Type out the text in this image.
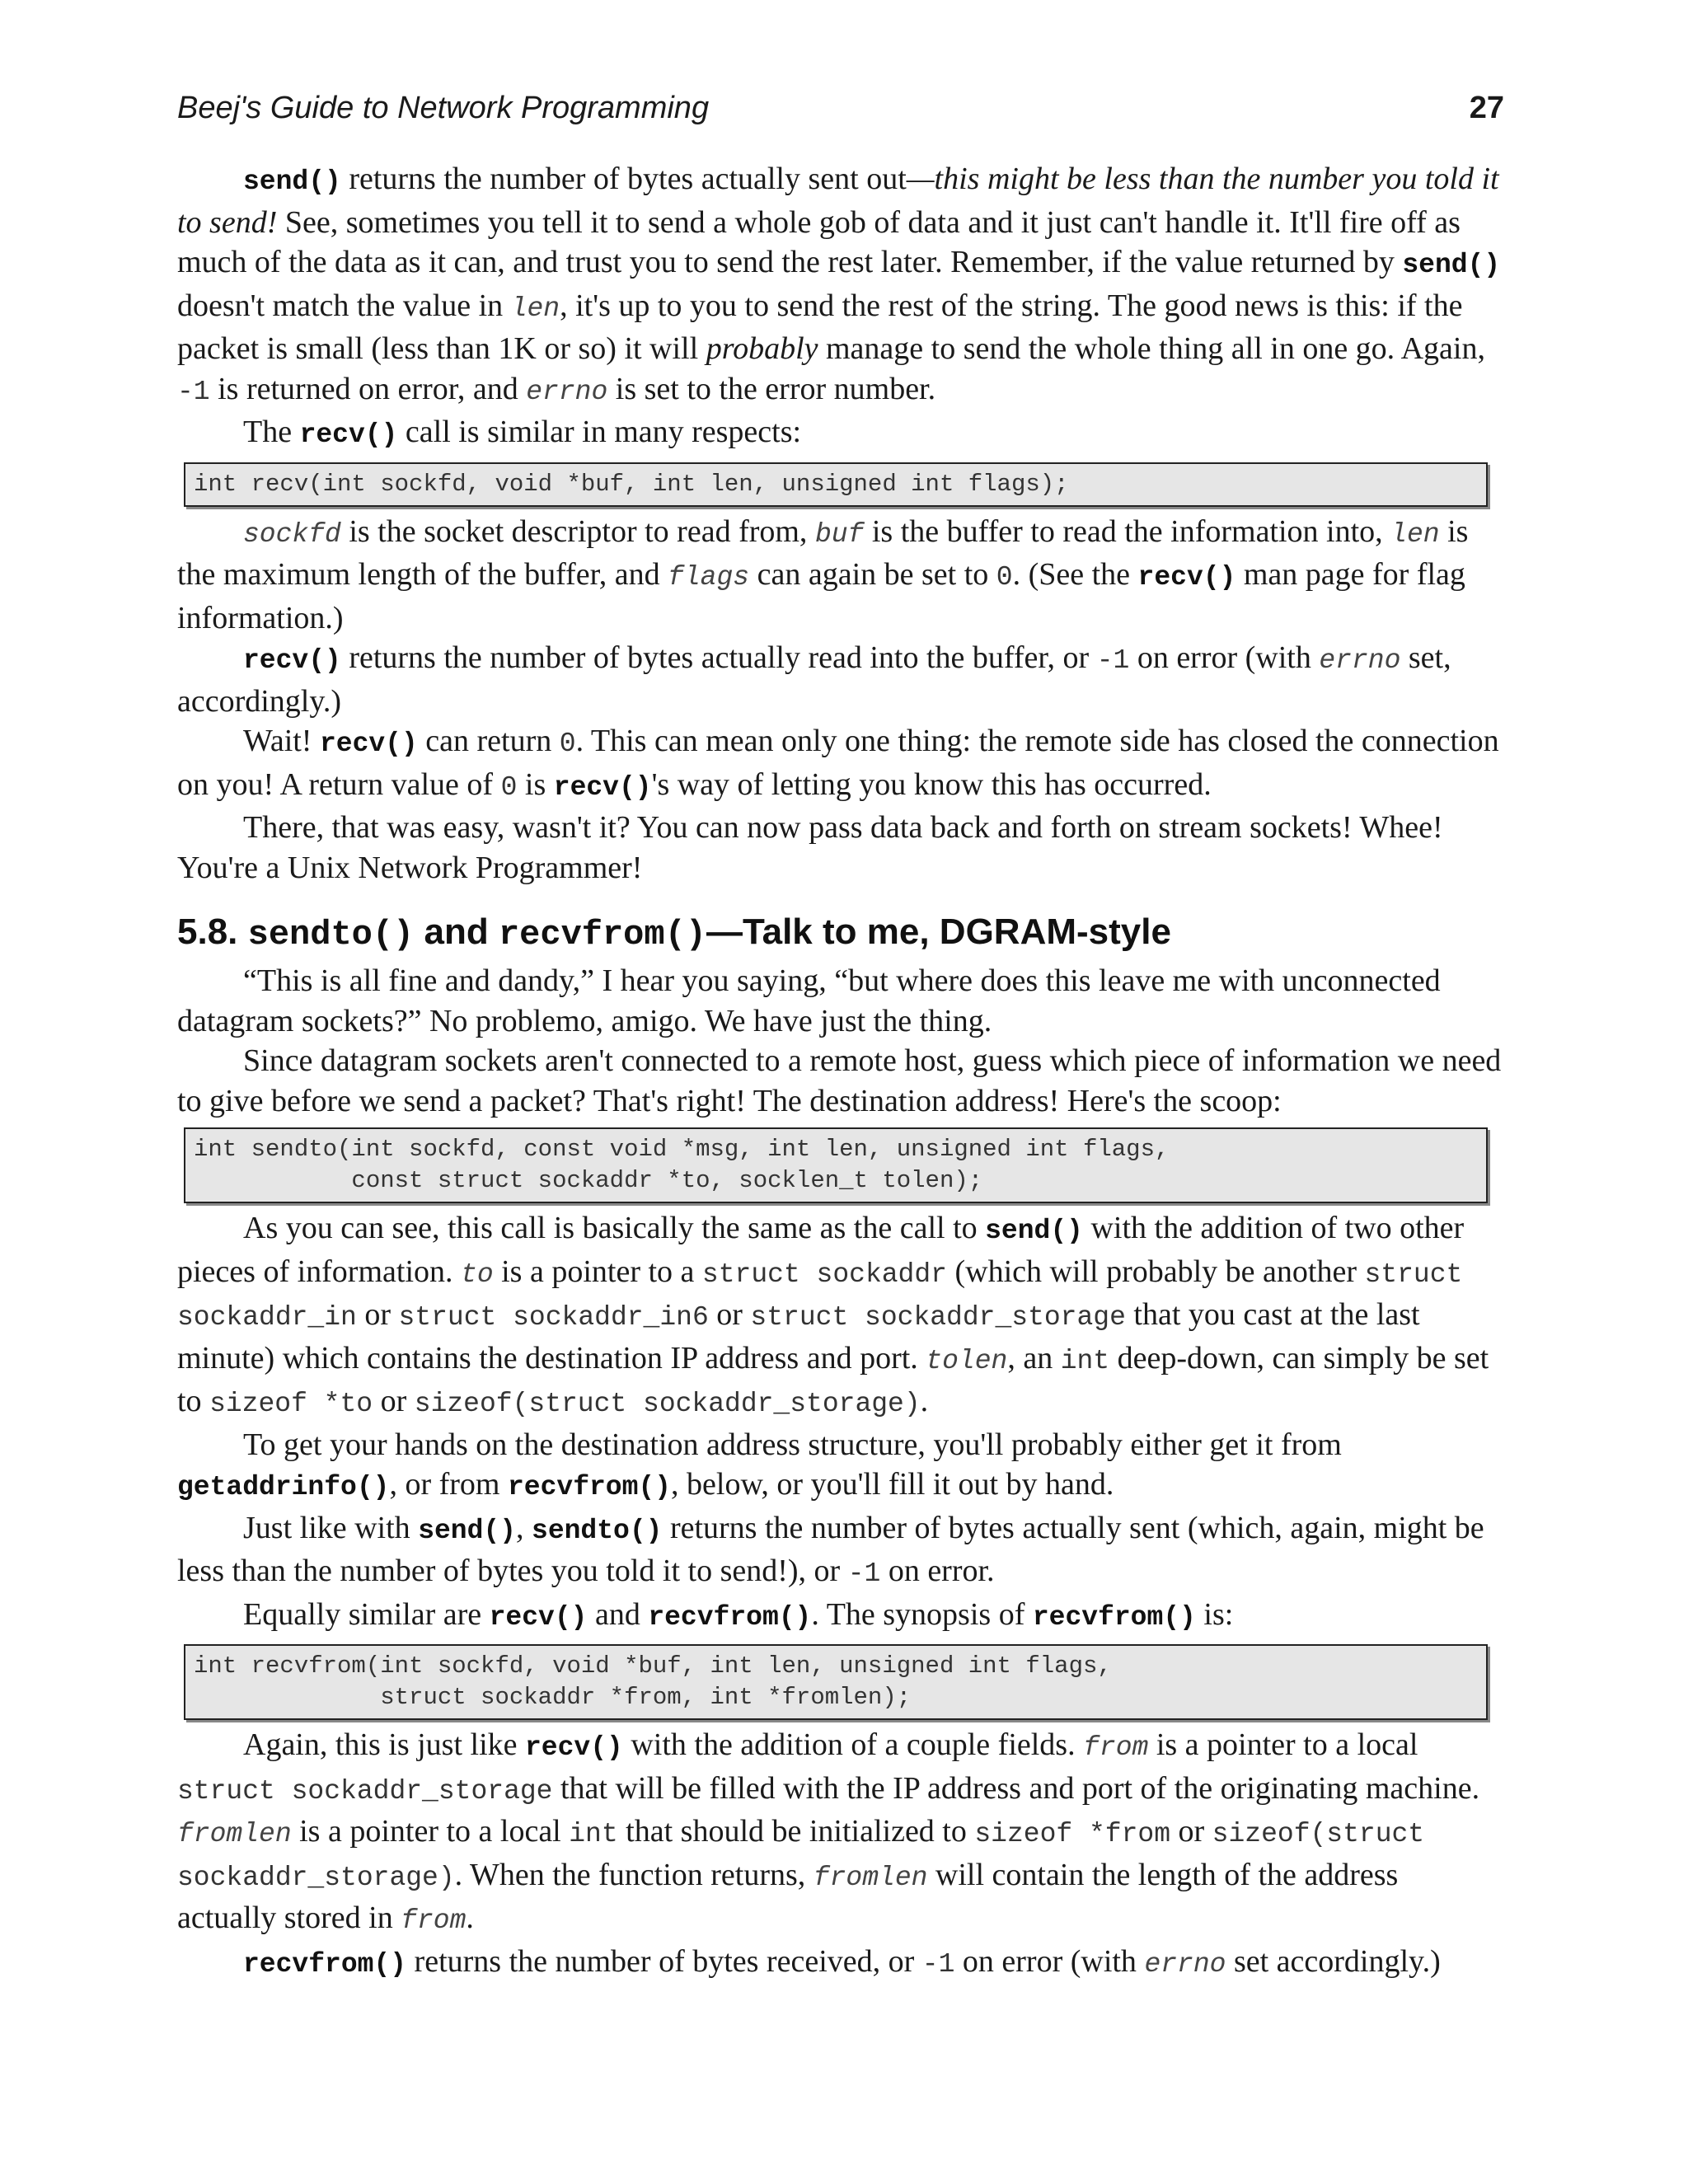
Beej's Guide to Network Programming	27

send() returns the number of bytes actually sent out—this might be less than the number you told it to send! See, sometimes you tell it to send a whole gob of data and it just can't handle it. It'll fire off as much of the data as it can, and trust you to send the rest later. Remember, if the value returned by send() doesn't match the value in len, it's up to you to send the rest of the string. The good news is this: if the packet is small (less than 1K or so) it will probably manage to send the whole thing all in one go. Again, -1 is returned on error, and errno is set to the error number.

The recv() call is similar in many respects:

int recv(int sockfd, void *buf, int len, unsigned int flags);

sockfd is the socket descriptor to read from, buf is the buffer to read the information into, len is the maximum length of the buffer, and flags can again be set to 0. (See the recv() man page for flag information.)

recv() returns the number of bytes actually read into the buffer, or -1 on error (with errno set, accordingly.)

Wait! recv() can return 0. This can mean only one thing: the remote side has closed the connection on you! A return value of 0 is recv()'s way of letting you know this has occurred.

There, that was easy, wasn't it? You can now pass data back and forth on stream sockets! Whee! You're a Unix Network Programmer!

5.8. sendto() and recvfrom()—Talk to me, DGRAM-style

“This is all fine and dandy,” I hear you saying, “but where does this leave me with unconnected datagram sockets?” No problemo, amigo. We have just the thing.

Since datagram sockets aren't connected to a remote host, guess which piece of information we need to give before we send a packet? That's right! The destination address! Here's the scoop:

int sendto(int sockfd, const void *msg, int len, unsigned int flags,
const struct sockaddr *to, socklen_t tolen);

As you can see, this call is basically the same as the call to send() with the addition of two other pieces of information. to is a pointer to a struct sockaddr (which will probably be another struct sockaddr_in or struct sockaddr_in6 or struct sockaddr_storage that you cast at the last minute) which contains the destination IP address and port. tolen, an int deep-down, can simply be set to sizeof *to or sizeof(struct sockaddr_storage).

To get your hands on the destination address structure, you'll probably either get it from getaddrinfo(), or from recvfrom(), below, or you'll fill it out by hand.

Just like with send(), sendto() returns the number of bytes actually sent (which, again, might be less than the number of bytes you told it to send!), or -1 on error.

Equally similar are recv() and recvfrom(). The synopsis of recvfrom() is:

int recvfrom(int sockfd, void *buf, int len, unsigned int flags,
struct sockaddr *from, int *fromlen);

Again, this is just like recv() with the addition of a couple fields. from is a pointer to a local struct sockaddr_storage that will be filled with the IP address and port of the originating machine. fromlen is a pointer to a local int that should be initialized to sizeof *from or sizeof(struct sockaddr_storage). When the function returns, fromlen will contain the length of the address actually stored in from.

recvfrom() returns the number of bytes received, or -1 on error (with errno set accordingly.)
